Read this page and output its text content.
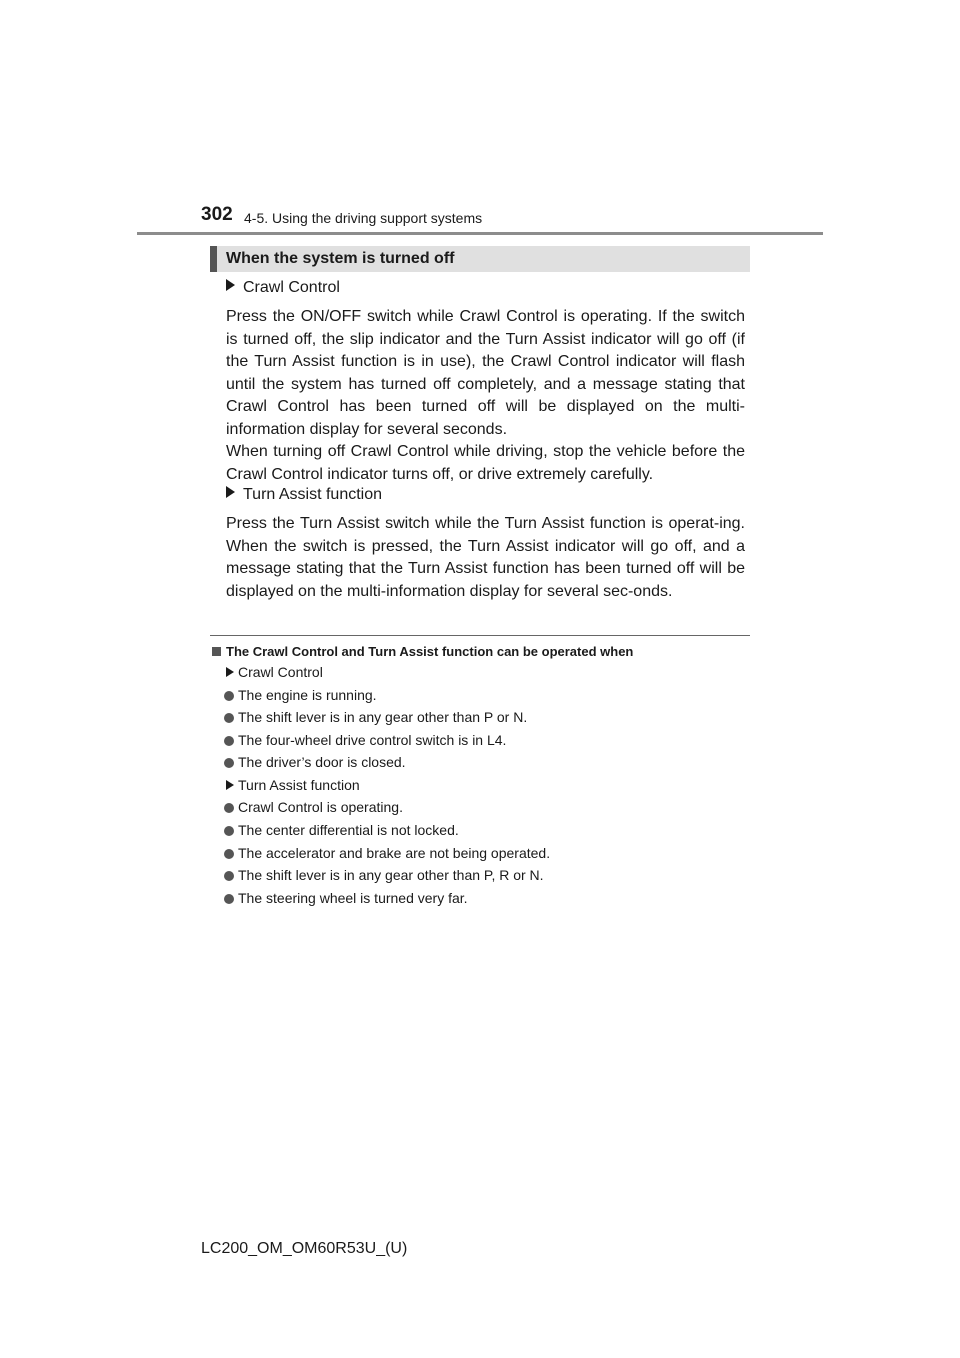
302 4-5. Using the driving support systems
When the system is turned off
Crawl Control

Press the ON/OFF switch while Crawl Control is operating. If the switch is turned off, the slip indicator and the Turn Assist indicator will go off (if the Turn Assist function is in use), the Crawl Control indicator will flash until the system has turned off completely, and a message stating that Crawl Control has been turned off will be displayed on the multi-information display for several seconds.

When turning off Crawl Control while driving, stop the vehicle before the Crawl Control indicator turns off, or drive extremely carefully.

Turn Assist function

Press the Turn Assist switch while the Turn Assist function is operat-ing. When the switch is pressed, the Turn Assist indicator will go off, and a message stating that the Turn Assist function has been turned off will be displayed on the multi-information display for several sec-onds.

The Crawl Control and Turn Assist function can be operated when
Crawl Control
The engine is running.
The shift lever is in any gear other than P or N.
The four-wheel drive control switch is in L4.
The driver’s door is closed.
Turn Assist function
Crawl Control is operating.
The center differential is not locked.
The accelerator and brake are not being operated.
The shift lever is in any gear other than P, R or N.
The steering wheel is turned very far.
LC200_OM_OM60R53U_(U)
